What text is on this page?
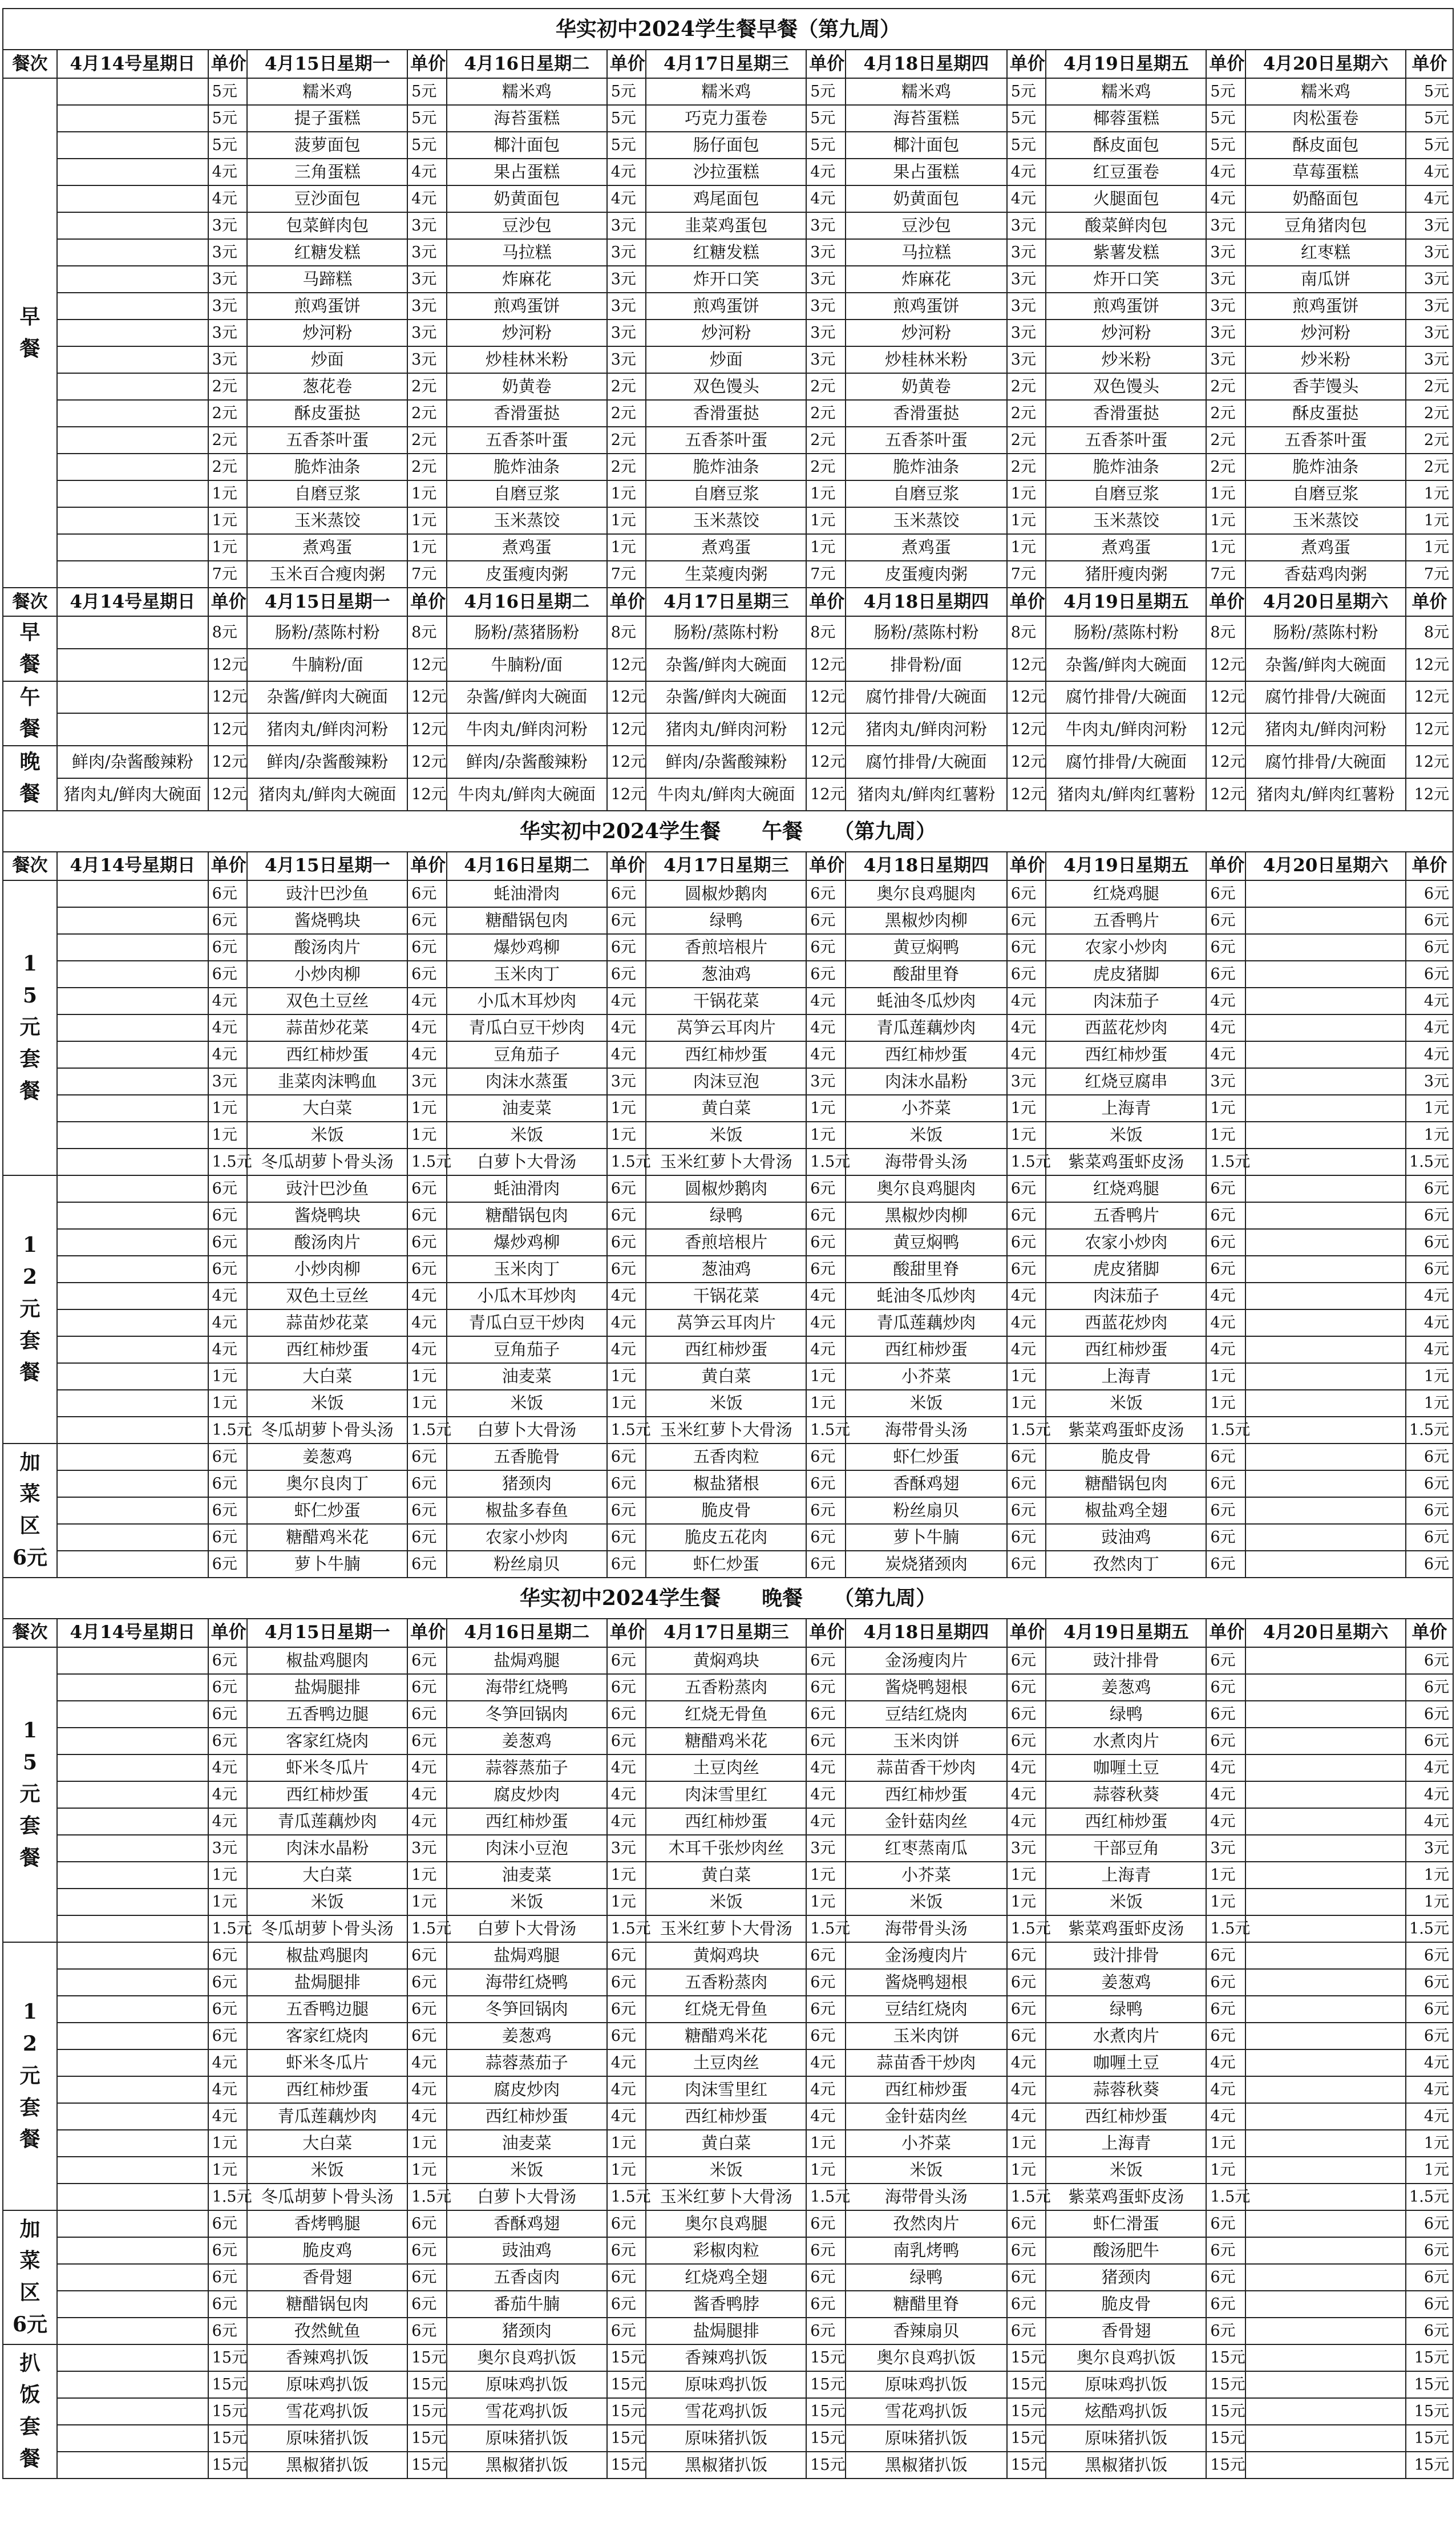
华实初中2024学生餐早餐（第九周）														
餐次	4月14号星期日	单价	4月15日星期一	单价	4月16日星期二	单价	4月17日星期三	单价	4月18日星期四	单价	4月19日星期五	单价	4月20日星期六	单价

早
餐		5元	糯米鸡	5元	糯米鸡	5元	糯米鸡	5元	糯米鸡	5元	糯米鸡	5元	糯米鸡	5元
		5元	提子蛋糕	5元	海苔蛋糕	5元	巧克力蛋卷	5元	海苔蛋糕	5元	椰蓉蛋糕	5元	肉松蛋卷	5元
		5元	菠萝面包	5元	椰汁面包	5元	肠仔面包	5元	椰汁面包	5元	酥皮面包	5元	酥皮面包	5元
		4元	三角蛋糕	4元	果占蛋糕	4元	沙拉蛋糕	4元	果占蛋糕	4元	红豆蛋卷	4元	草莓蛋糕	4元
		4元	豆沙面包	4元	奶黄面包	4元	鸡尾面包	4元	奶黄面包	4元	火腿面包	4元	奶酪面包	4元
		3元	包菜鲜肉包	3元	豆沙包	3元	韭菜鸡蛋包	3元	豆沙包	3元	酸菜鲜肉包	3元	豆角猪肉包	3元
		3元	红糖发糕	3元	马拉糕	3元	红糖发糕	3元	马拉糕	3元	紫薯发糕	3元	红枣糕	3元
		3元	马蹄糕	3元	炸麻花	3元	炸开口笑	3元	炸麻花	3元	炸开口笑	3元	南瓜饼	3元
		3元	煎鸡蛋饼	3元	煎鸡蛋饼	3元	煎鸡蛋饼	3元	煎鸡蛋饼	3元	煎鸡蛋饼	3元	煎鸡蛋饼	3元
		3元	炒河粉	3元	炒河粉	3元	炒河粉	3元	炒河粉	3元	炒河粉	3元	炒河粉	3元
		3元	炒面	3元	炒桂林米粉	3元	炒面	3元	炒桂林米粉	3元	炒米粉	3元	炒米粉	3元
		2元	葱花卷	2元	奶黄卷	2元	双色馒头	2元	奶黄卷	2元	双色馒头	2元	香芋馒头	2元
		2元	酥皮蛋挞	2元	香滑蛋挞	2元	香滑蛋挞	2元	香滑蛋挞	2元	香滑蛋挞	2元	酥皮蛋挞	2元
		2元	五香茶叶蛋	2元	五香茶叶蛋	2元	五香茶叶蛋	2元	五香茶叶蛋	2元	五香茶叶蛋	2元	五香茶叶蛋	2元
		2元	脆炸油条	2元	脆炸油条	2元	脆炸油条	2元	脆炸油条	2元	脆炸油条	2元	脆炸油条	2元
		1元	自磨豆浆	1元	自磨豆浆	1元	自磨豆浆	1元	自磨豆浆	1元	自磨豆浆	1元	自磨豆浆	1元
		1元	玉米蒸饺	1元	玉米蒸饺	1元	玉米蒸饺	1元	玉米蒸饺	1元	玉米蒸饺	1元	玉米蒸饺	1元
		1元	煮鸡蛋	1元	煮鸡蛋	1元	煮鸡蛋	1元	煮鸡蛋	1元	煮鸡蛋	1元	煮鸡蛋	1元
		7元	玉米百合瘦肉粥	7元	皮蛋瘦肉粥	7元	生菜瘦肉粥	7元	皮蛋瘦肉粥	7元	猪肝瘦肉粥	7元	香菇鸡肉粥	7元
餐次	4月14号星期日	单价	4月15日星期一	单价	4月16日星期二	单价	4月17日星期三	单价	4月18日星期四	单价	4月19日星期五	单价	4月20日星期六	单价

早
餐		8元	肠粉/蒸陈村粉	8元	肠粉/蒸猪肠粉	8元	肠粉/蒸陈村粉	8元	肠粉/蒸陈村粉	8元	肠粉/蒸陈村粉	8元	肠粉/蒸陈村粉	8元
		12元	牛腩粉/面	12元	牛腩粉/面	12元	杂酱/鲜肉大碗面	12元	排骨粉/面	12元	杂酱/鲜肉大碗面	12元	杂酱/鲜肉大碗面	12元

午
餐		12元	杂酱/鲜肉大碗面	12元	杂酱/鲜肉大碗面	12元	杂酱/鲜肉大碗面	12元	腐竹排骨/大碗面	12元	腐竹排骨/大碗面	12元	腐竹排骨/大碗面	12元
		12元	猪肉丸/鲜肉河粉	12元	牛肉丸/鲜肉河粉	12元	猪肉丸/鲜肉河粉	12元	猪肉丸/鲜肉河粉	12元	牛肉丸/鲜肉河粉	12元	猪肉丸/鲜肉河粉	12元

晚
餐	鲜肉/杂酱酸辣粉	12元	鲜肉/杂酱酸辣粉	12元	鲜肉/杂酱酸辣粉	12元	鲜肉/杂酱酸辣粉	12元	腐竹排骨/大碗面	12元	腐竹排骨/大碗面	12元	腐竹排骨/大碗面	12元
	猪肉丸/鲜肉大碗面	12元	猪肉丸/鲜肉大碗面	12元	牛肉丸/鲜肉大碗面	12元	牛肉丸/鲜肉大碗面	12元	猪肉丸/鲜肉红薯粉	12元	猪肉丸/鲜肉红薯粉	12元	猪肉丸/鲜肉红薯粉	12元
华实初中2024学生餐　　午餐　　（第九周）														
餐次	4月14号星期日	单价	4月15日星期一	单价	4月16日星期二	单价	4月17日星期三	单价	4月18日星期四	单价	4月19日星期五	单价	4月20日星期六	单价

1
5
元
套
餐		6元	豉汁巴沙鱼	6元	蚝油滑肉	6元	圆椒炒鹅肉	6元	奥尔良鸡腿肉	6元	红烧鸡腿	6元		6元
		6元	酱烧鸭块	6元	糖醋锅包肉	6元	绿鸭	6元	黑椒炒肉柳	6元	五香鸭片	6元		6元
		6元	酸汤肉片	6元	爆炒鸡柳	6元	香煎培根片	6元	黄豆焖鸭	6元	农家小炒肉	6元		6元
		6元	小炒肉柳	6元	玉米肉丁	6元	葱油鸡	6元	酸甜里脊	6元	虎皮猪脚	6元		6元
		4元	双色土豆丝	4元	小瓜木耳炒肉	4元	干锅花菜	4元	蚝油冬瓜炒肉	4元	肉沫茄子	4元		4元
		4元	蒜苗炒花菜	4元	青瓜白豆干炒肉	4元	莴笋云耳肉片	4元	青瓜莲藕炒肉	4元	西蓝花炒肉	4元		4元
		4元	西红柿炒蛋	4元	豆角茄子	4元	西红柿炒蛋	4元	西红柿炒蛋	4元	西红柿炒蛋	4元		4元
		3元	韭菜肉沫鸭血	3元	肉沫水蒸蛋	3元	肉沫豆泡	3元	肉沫水晶粉	3元	红烧豆腐串	3元		3元
		1元	大白菜	1元	油麦菜	1元	黄白菜	1元	小芥菜	1元	上海青	1元		1元
		1元	米饭	1元	米饭	1元	米饭	1元	米饭	1元	米饭	1元		1元
		1.5元	冬瓜胡萝卜骨头汤	1.5元	白萝卜大骨汤	1.5元	玉米红萝卜大骨汤	1.5元	海带骨头汤	1.5元	紫菜鸡蛋虾皮汤	1.5元		1.5元

1
2
元
套
餐		6元	豉汁巴沙鱼	6元	蚝油滑肉	6元	圆椒炒鹅肉	6元	奥尔良鸡腿肉	6元	红烧鸡腿	6元		6元
		6元	酱烧鸭块	6元	糖醋锅包肉	6元	绿鸭	6元	黑椒炒肉柳	6元	五香鸭片	6元		6元
		6元	酸汤肉片	6元	爆炒鸡柳	6元	香煎培根片	6元	黄豆焖鸭	6元	农家小炒肉	6元		6元
		6元	小炒肉柳	6元	玉米肉丁	6元	葱油鸡	6元	酸甜里脊	6元	虎皮猪脚	6元		6元
		4元	双色土豆丝	4元	小瓜木耳炒肉	4元	干锅花菜	4元	蚝油冬瓜炒肉	4元	肉沫茄子	4元		4元
		4元	蒜苗炒花菜	4元	青瓜白豆干炒肉	4元	莴笋云耳肉片	4元	青瓜莲藕炒肉	4元	西蓝花炒肉	4元		4元
		4元	西红柿炒蛋	4元	豆角茄子	4元	西红柿炒蛋	4元	西红柿炒蛋	4元	西红柿炒蛋	4元		4元
		1元	大白菜	1元	油麦菜	1元	黄白菜	1元	小芥菜	1元	上海青	1元		1元
		1元	米饭	1元	米饭	1元	米饭	1元	米饭	1元	米饭	1元		1元
		1.5元	冬瓜胡萝卜骨头汤	1.5元	白萝卜大骨汤	1.5元	玉米红萝卜大骨汤	1.5元	海带骨头汤	1.5元	紫菜鸡蛋虾皮汤	1.5元		1.5元

加
菜
区
6元		6元	姜葱鸡	6元	五香脆骨	6元	五香肉粒	6元	虾仁炒蛋	6元	脆皮骨	6元		6元
		6元	奥尔良肉丁	6元	猪颈肉	6元	椒盐猪根	6元	香酥鸡翅	6元	糖醋锅包肉	6元		6元
		6元	虾仁炒蛋	6元	椒盐多春鱼	6元	脆皮骨	6元	粉丝扇贝	6元	椒盐鸡全翅	6元		6元
		6元	糖醋鸡米花	6元	农家小炒肉	6元	脆皮五花肉	6元	萝卜牛腩	6元	豉油鸡	6元		6元
		6元	萝卜牛腩	6元	粉丝扇贝	6元	虾仁炒蛋	6元	炭烧猪颈肉	6元	孜然肉丁	6元		6元
华实初中2024学生餐　　晚餐　　（第九周）														
餐次	4月14号星期日	单价	4月15日星期一	单价	4月16日星期二	单价	4月17日星期三	单价	4月18日星期四	单价	4月19日星期五	单价	4月20日星期六	单价

1
5
元
套
餐		6元	椒盐鸡腿肉	6元	盐焗鸡腿	6元	黄焖鸡块	6元	金汤瘦肉片	6元	豉汁排骨	6元		6元
		6元	盐焗腿排	6元	海带红烧鸭	6元	五香粉蒸肉	6元	酱烧鸭翅根	6元	姜葱鸡	6元		6元
		6元	五香鸭边腿	6元	冬笋回锅肉	6元	红烧无骨鱼	6元	豆结红烧肉	6元	绿鸭	6元		6元
		6元	客家红烧肉	6元	姜葱鸡	6元	糖醋鸡米花	6元	玉米肉饼	6元	水煮肉片	6元		6元
		4元	虾米冬瓜片	4元	蒜蓉蒸茄子	4元	土豆肉丝	4元	蒜苗香干炒肉	4元	咖喱土豆	4元		4元
		4元	西红柿炒蛋	4元	腐皮炒肉	4元	肉沫雪里红	4元	西红柿炒蛋	4元	蒜蓉秋葵	4元		4元
		4元	青瓜莲藕炒肉	4元	西红柿炒蛋	4元	西红柿炒蛋	4元	金针菇肉丝	4元	西红柿炒蛋	4元		4元
		3元	肉沫水晶粉	3元	肉沫小豆泡	3元	木耳千张炒肉丝	3元	红枣蒸南瓜	3元	干部豆角	3元		3元
		1元	大白菜	1元	油麦菜	1元	黄白菜	1元	小芥菜	1元	上海青	1元		1元
		1元	米饭	1元	米饭	1元	米饭	1元	米饭	1元	米饭	1元		1元
		1.5元	冬瓜胡萝卜骨头汤	1.5元	白萝卜大骨汤	1.5元	玉米红萝卜大骨汤	1.5元	海带骨头汤	1.5元	紫菜鸡蛋虾皮汤	1.5元		1.5元

1
2
元
套
餐		6元	椒盐鸡腿肉	6元	盐焗鸡腿	6元	黄焖鸡块	6元	金汤瘦肉片	6元	豉汁排骨	6元		6元
		6元	盐焗腿排	6元	海带红烧鸭	6元	五香粉蒸肉	6元	酱烧鸭翅根	6元	姜葱鸡	6元		6元
		6元	五香鸭边腿	6元	冬笋回锅肉	6元	红烧无骨鱼	6元	豆结红烧肉	6元	绿鸭	6元		6元
		6元	客家红烧肉	6元	姜葱鸡	6元	糖醋鸡米花	6元	玉米肉饼	6元	水煮肉片	6元		6元
		4元	虾米冬瓜片	4元	蒜蓉蒸茄子	4元	土豆肉丝	4元	蒜苗香干炒肉	4元	咖喱土豆	4元		4元
		4元	西红柿炒蛋	4元	腐皮炒肉	4元	肉沫雪里红	4元	西红柿炒蛋	4元	蒜蓉秋葵	4元		4元
		4元	青瓜莲藕炒肉	4元	西红柿炒蛋	4元	西红柿炒蛋	4元	金针菇肉丝	4元	西红柿炒蛋	4元		4元
		1元	大白菜	1元	油麦菜	1元	黄白菜	1元	小芥菜	1元	上海青	1元		1元
		1元	米饭	1元	米饭	1元	米饭	1元	米饭	1元	米饭	1元		1元
		1.5元	冬瓜胡萝卜骨头汤	1.5元	白萝卜大骨汤	1.5元	玉米红萝卜大骨汤	1.5元	海带骨头汤	1.5元	紫菜鸡蛋虾皮汤	1.5元		1.5元

加
菜
区
6元		6元	香烤鸭腿	6元	香酥鸡翅	6元	奥尔良鸡腿	6元	孜然肉片	6元	虾仁滑蛋	6元		6元
		6元	脆皮鸡	6元	豉油鸡	6元	彩椒肉粒	6元	南乳烤鸭	6元	酸汤肥牛	6元		6元
		6元	香骨翅	6元	五香卤肉	6元	红烧鸡全翅	6元	绿鸭	6元	猪颈肉	6元		6元
		6元	糖醋锅包肉	6元	番茄牛腩	6元	酱香鸭脖	6元	糖醋里脊	6元	脆皮骨	6元		6元
		6元	孜然鱿鱼	6元	猪颈肉	6元	盐焗腿排	6元	香辣扇贝	6元	香骨翅	6元		6元

扒
饭
套
餐		15元	香辣鸡扒饭	15元	奥尔良鸡扒饭	15元	香辣鸡扒饭	15元	奥尔良鸡扒饭	15元	奥尔良鸡扒饭	15元		15元
		15元	原味鸡扒饭	15元	原味鸡扒饭	15元	原味鸡扒饭	15元	原味鸡扒饭	15元	原味鸡扒饭	15元		15元
		15元	雪花鸡扒饭	15元	雪花鸡扒饭	15元	雪花鸡扒饭	15元	雪花鸡扒饭	15元	炫酷鸡扒饭	15元		15元
		15元	原味猪扒饭	15元	原味猪扒饭	15元	原味猪扒饭	15元	原味猪扒饭	15元	原味猪扒饭	15元		15元
		15元	黑椒猪扒饭	15元	黑椒猪扒饭	15元	黑椒猪扒饭	15元	黑椒猪扒饭	15元	黑椒猪扒饭	15元		15元
